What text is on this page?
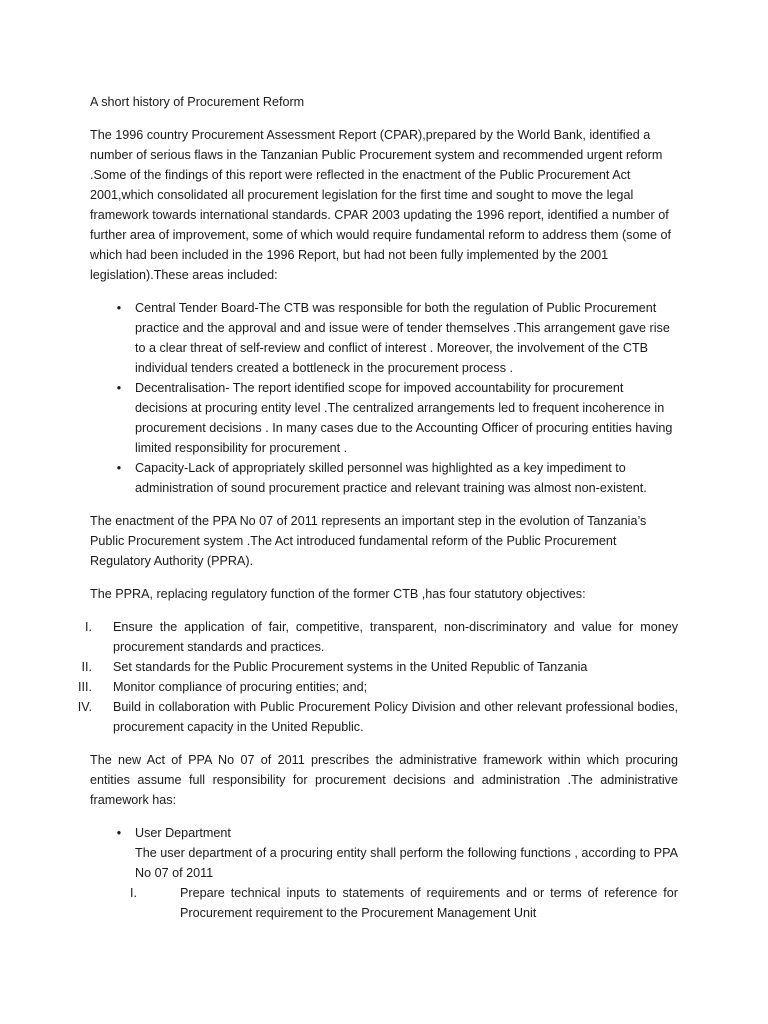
A short history of Procurement Reform

The 1996 country Procurement Assessment Report (CPAR),prepared by the World Bank, identified a number of serious flaws in the Tanzanian Public Procurement system and recommended urgent reform .Some of the findings of this report were reflected in the enactment of the Public Procurement Act 2001,which consolidated all procurement legislation for the first time and sought to move the legal framework towards international standards. CPAR 2003 updating the 1996 report, identified a number of further area of improvement, some of which would require fundamental reform to address them (some of which had been included in the 1996 Report, but had not been fully implemented by the 2001 legislation).These areas included:

• Central Tender Board-The CTB was responsible for both the regulation of Public Procurement practice and the approval and and issue were of tender themselves .This arrangement gave rise to a clear threat of self-review and conflict of interest . Moreover, the involvement of the CTB individual tenders created a bottleneck in the procurement process .
• Decentralisation- The report identified scope for impoved accountability for procurement decisions at procuring entity level .The centralized arrangements led to frequent incoherence in procurement decisions . In many cases due to the Accounting Officer of procuring entities having limited responsibility for procurement .
• Capacity-Lack of appropriately skilled personnel was highlighted as a key impediment to administration of sound procurement practice and relevant training was almost non-existent.

The enactment of the PPA No 07 of 2011 represents an important step in the evolution of Tanzania’s Public Procurement system .The Act introduced fundamental reform of the Public Procurement Regulatory Authority (PPRA).

The PPRA, replacing regulatory function of the former CTB ,has four statutory objectives:

I. Ensure the application of fair, competitive, transparent, non-discriminatory and value for money procurement standards and practices.
II. Set standards for the Public Procurement systems in the United Republic of Tanzania
III. Monitor compliance of procuring entities; and;
IV. Build in collaboration with Public Procurement Policy Division and other relevant professional bodies, procurement capacity in the United Republic.

The new Act of PPA No 07 of 2011 prescribes the administrative framework within which procuring entities assume full responsibility for procurement decisions and administration .The administrative framework has:

• User Department
The user department of a procuring entity shall perform the following functions , according to PPA No 07 of 2011
I.	Prepare technical inputs to statements of requirements and or terms of reference for Procurement requirement to the Procurement Management Unit
